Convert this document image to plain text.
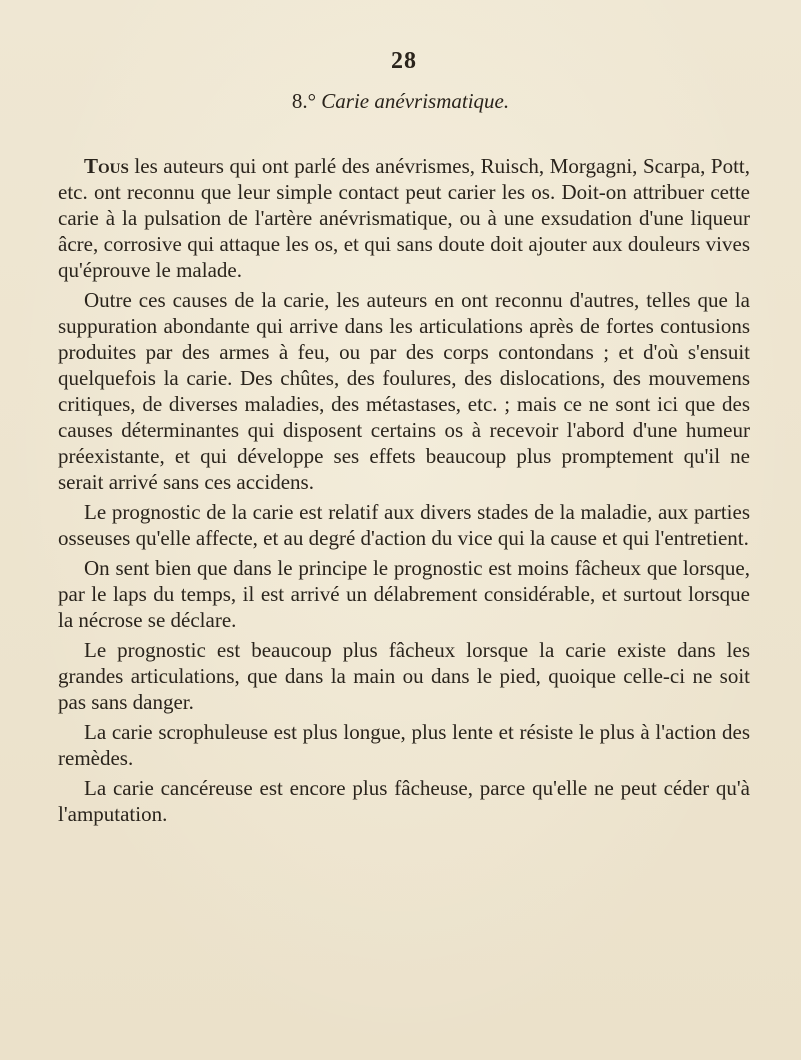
28
8.° Carie anévrismatique.

Tous les auteurs qui ont parlé des anévrismes, Ruisch, Morgagni, Scarpa, Pott, etc. ont reconnu que leur simple contact peut carier les os. Doit-on attribuer cette carie à la pulsation de l'artère anévrismatique, ou à une exsudation d'une liqueur âcre, corrosive qui attaque les os, et qui sans doute doit ajouter aux douleurs vives qu'éprouve le malade.

Outre ces causes de la carie, les auteurs en ont reconnu d'autres, telles que la suppuration abondante qui arrive dans les articulations après de fortes contusions produites par des armes à feu, ou par des corps contondans ; et d'où s'ensuit quelquefois la carie. Des chûtes, des foulures, des dislocations, des mouvemens critiques, de diverses maladies, des métastases, etc. ; mais ce ne sont ici que des causes déterminantes qui disposent certains os à recevoir l'abord d'une humeur préexistante, et qui développe ses effets beaucoup plus promptement qu'il ne serait arrivé sans ces accidens.

Le prognostic de la carie est relatif aux divers stades de la maladie, aux parties osseuses qu'elle affecte, et au degré d'action du vice qui la cause et qui l'entretient.

On sent bien que dans le principe le prognostic est moins fâcheux que lorsque, par le laps du temps, il est arrivé un délabrement considérable, et surtout lorsque la nécrose se déclare.

Le prognostic est beaucoup plus fâcheux lorsque la carie existe dans les grandes articulations, que dans la main ou dans le pied, quoique celle-ci ne soit pas sans danger.

La carie scrophuleuse est plus longue, plus lente et résiste le plus à l'action des remèdes.

La carie cancéreuse est encore plus fâcheuse, parce qu'elle ne peut céder qu'à l'amputation.
